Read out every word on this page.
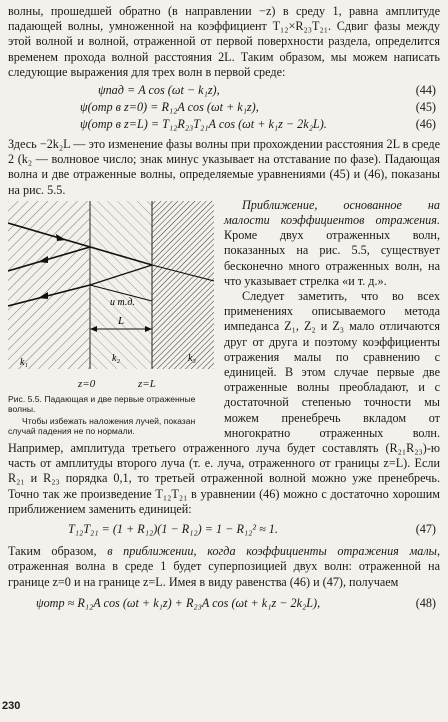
волны, прошедшей обратно (в направлении −z) в среду 1, равна амплитуде падающей волны, умноженной на коэффициент T₁₂×R₂₃T₂₁. Сдвиг фазы между этой волной и волной, отраженной от первой поверхности раздела, определится временем прохода волной расстояния 2L. Таким образом, мы можем написать следующие выражения для трех волн в первой среде:

ψпад = A cos (ωt − k₁z),	(44)
ψ(отр в z=0) = R₁₂A cos (ωt + k₁z),	(45)
ψ(отр в z=L) = T₁₂R₂₃T₂₁A cos (ωt + k₁z − 2k₂L).	(46)

Здесь −2k₂L — это изменение фазы волны при прохождении расстояния 2L в среде 2 (k₂ — волновое число; знак минус указывает на отставание по фазе). Падающая волна и две отраженные волны, определяемые уравнениями (45) и (46), показаны на рис. 5.5.

и т.д.
L
k₁	k₂	k₃
z=0	z=L
Рис. 5.5. Падающая и две первые отраженные волны.
Чтобы избежать наложения лучей, показан случай падения не по нормали.

Приближение, основанное на малости коэффициентов отражения. Кроме двух отраженных волн, показанных на рис. 5.5, существует бесконечно много отраженных волн, на что указывает стрелка «и т. д.».

Следует заметить, что во всех применениях описываемого метода импеданса Z₁, Z₂ и Z₃ мало отличаются друг от друга и поэтому коэффициенты отражения малы по сравнению с единицей. В этом случае первые две отраженные волны преобладают, и с достаточной степенью точности мы можем пренебречь вкладом от многократно отраженных волн. Например, амплитуда третьего отраженного луча будет составлять (R₂₁R₂₃)-ю часть от амплитуды второго луча (т. е. луча, отраженного от границы z=L). Если R₂₁ и R₂₃ порядка 0,1, то третьей отраженной волной можно уже пренебречь. Точно так же произведение T₁₂T₂₁ в уравнении (46) можно с достаточно хорошим приближением заменить единицей:

T₁₂T₂₁ = (1 + R₁₂)(1 − R₁₂) = 1 − R₁₂² ≈ 1.	(47)

Таким образом, в приближении, когда коэффициенты отражения малы, отраженная волна в среде 1 будет суперпозицией двух волн: отраженной на границе z=0 и на границе z=L. Имея в виду равенства (46) и (47), получаем

ψотр ≈ R₁₂A cos (ωt + k₁z) + R₂₃A cos (ωt + k₁z − 2k₂L),	(48)
230
